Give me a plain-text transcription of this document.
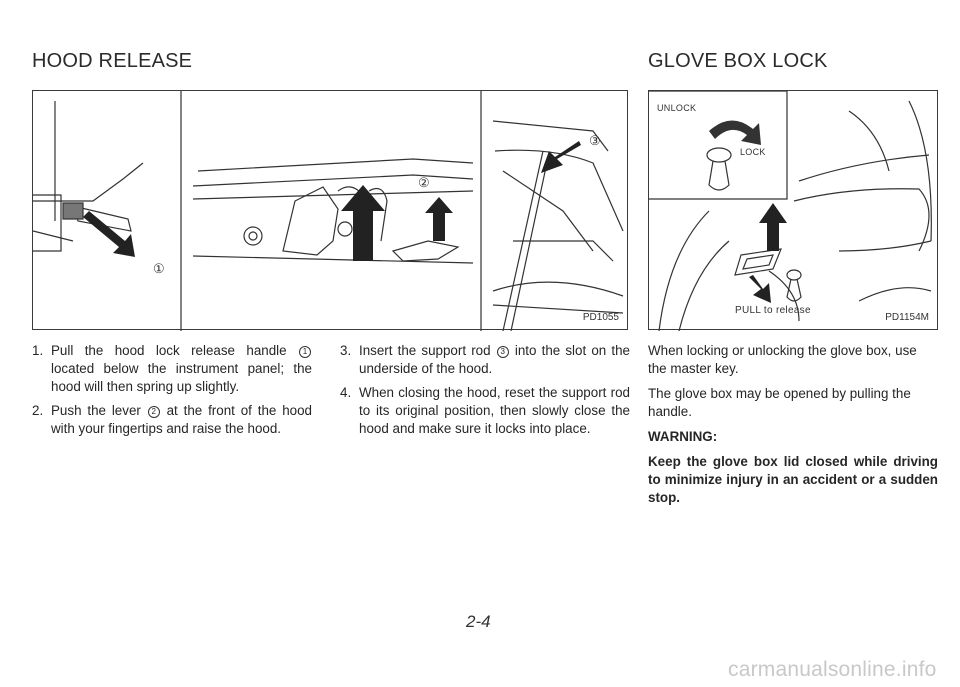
HOOD RELEASE	GLOVE BOX LOCK
①
②
③
PD1055
UNLOCK
LOCK
PULL to release
PD1154M
1. Pull the hood lock release handle 1 located below the instrument panel; the hood will then spring up slightly.
2. Push the lever 2 at the front of the hood with your fingertips and raise the hood.
3. Insert the support rod 3 into the slot on the underside of the hood.
4. When closing the hood, reset the support rod to its original position, then slowly close the hood and make sure it locks into place.

When locking or unlocking the glove box, use the master key.

The glove box may be opened by pulling the handle.

WARNING:

Keep the glove box lid closed while driving to minimize injury in an accident or a sudden stop.

2-4
carmanualsonline.info
